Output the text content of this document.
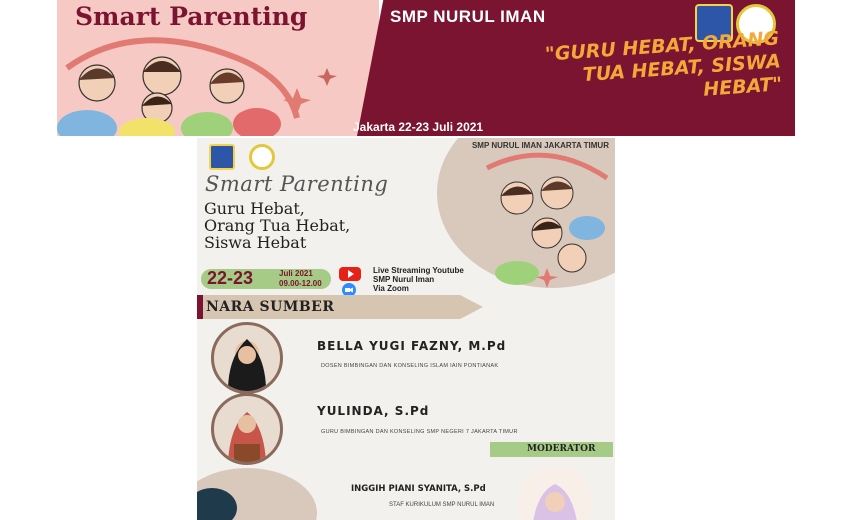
Smart Parenting	SMP NURUL IMAN
"GURU HEBAT, ORANG TUA HEBAT, SISWA HEBAT"
Jakarta 22-23 Juli 2021
SMP NURUL IMAN JAKARTA TIMUR
Smart Parenting
Guru Hebat,
Orang Tua Hebat,
Siswa Hebat
22-23	Juli 2021
09.00-12.00
Live Streaming Youtube
SMP Nurul Iman
Via Zoom
NARA SUMBER
BELLA YUGI FAZNY, M.Pd
DOSEN BIMBINGAN DAN KONSELING ISLAM IAIN PONTIANAK
YULINDA, S.Pd
GURU BIMBINGAN DAN KONSELING SMP NEGERI 7 JAKARTA TIMUR
MODERATOR
INGGIH PIANI SYANITA, S.Pd
STAF KURIKULUM SMP NURUL IMAN
